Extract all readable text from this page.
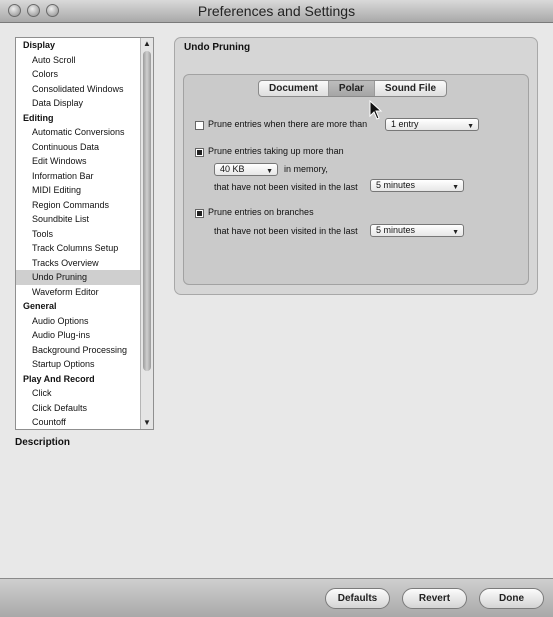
Preferences and Settings
Display
Auto Scroll
Colors
Consolidated Windows
Data Display
Editing
Automatic Conversions
Continuous Data
Edit Windows
Information Bar
MIDI Editing
Region Commands
Soundbite List
Tools
Track Columns Setup
Tracks Overview
Undo Pruning
Waveform Editor
General
Audio Options
Audio Plug-ins
Background Processing
Startup Options
Play And Record
Click
Click Defaults
Countoff
▲
▼
Description
Undo Pruning
Document	Polar	Sound File
Prune entries when there are more than	1 entry	▼
Prune entries taking up more than
40 KB	▼ in memory,
that have not been visited in the last	5 minutes	▼
Prune entries on branches
that have not been visited in the last	5 minutes	▼
Defaults	Revert	Done
